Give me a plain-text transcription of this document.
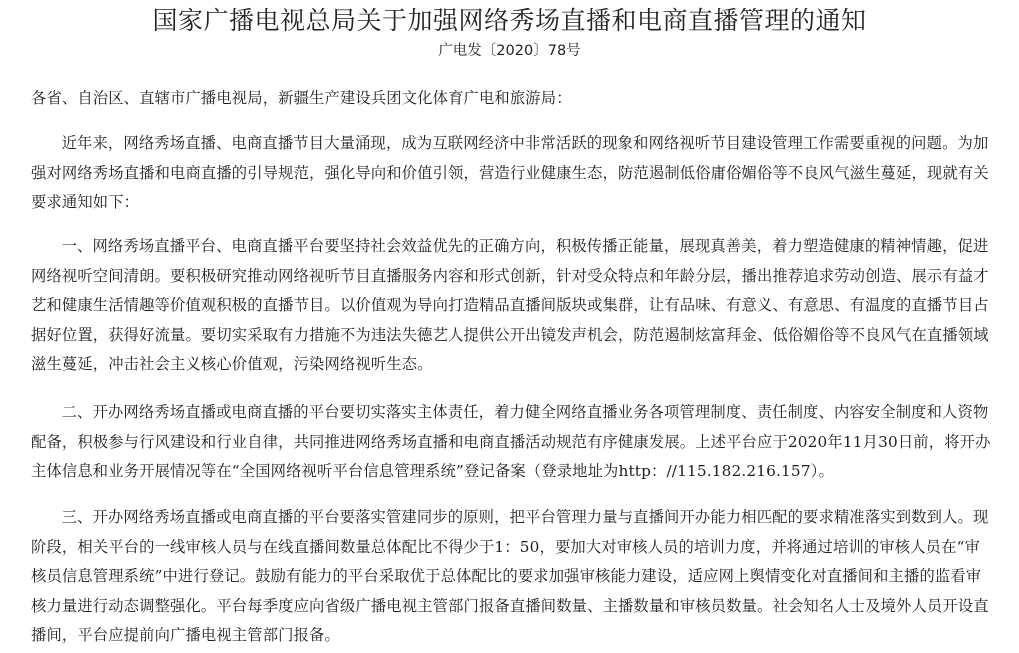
国家广播电视总局关于加强网络秀场直播和电商直播管理的通知
广电发〔2020〕78号

各省、自治区、直辖市广播电视局，新疆生产建设兵团文化体育广电和旅游局：

近年来，网络秀场直播、电商直播节目大量涌现，成为互联网经济中非常活跃的现象和网络视听节目建设管理工作需要重视的问题。为加强对网络秀场直播和电商直播的引导规范，强化导向和价值引领，营造行业健康生态，防范遏制低俗庸俗媚俗等不良风气滋生蔓延，现就有关要求通知如下：

一、网络秀场直播平台、电商直播平台要坚持社会效益优先的正确方向，积极传播正能量，展现真善美，着力塑造健康的精神情趣，促进网络视听空间清朗。要积极研究推动网络视听节目直播服务内容和形式创新，针对受众特点和年龄分层，播出推荐追求劳动创造、展示有益才艺和健康生活情趣等价值观积极的直播节目。以价值观为导向打造精品直播间版块或集群，让有品味、有意义、有意思、有温度的直播节目占据好位置，获得好流量。要切实采取有力措施不为违法失德艺人提供公开出镜发声机会，防范遏制炫富拜金、低俗媚俗等不良风气在直播领域滋生蔓延，冲击社会主义核心价值观，污染网络视听生态。

二、开办网络秀场直播或电商直播的平台要切实落实主体责任，着力健全网络直播业务各项管理制度、责任制度、内容安全制度和人资物配备，积极参与行风建设和行业自律，共同推进网络秀场直播和电商直播活动规范有序健康发展。上述平台应于2020年11月30日前，将开办主体信息和业务开展情况等在“全国网络视听平台信息管理系统”登记备案（登录地址为http：//115.182.216.157）。

三、开办网络秀场直播或电商直播的平台要落实管建同步的原则，把平台管理力量与直播间开办能力相匹配的要求精准落实到数到人。现阶段，相关平台的一线审核人员与在线直播间数量总体配比不得少于1：50，要加大对审核人员的培训力度，并将通过培训的审核人员在“审核员信息管理系统”中进行登记。鼓励有能力的平台采取优于总体配比的要求加强审核能力建设，适应网上舆情变化对直播间和主播的监看审核力量进行动态调整强化。平台每季度应向省级广播电视主管部门报备直播间数量、主播数量和审核员数量。社会知名人士及境外人员开设直播间，平台应提前向广播电视主管部门报备。
